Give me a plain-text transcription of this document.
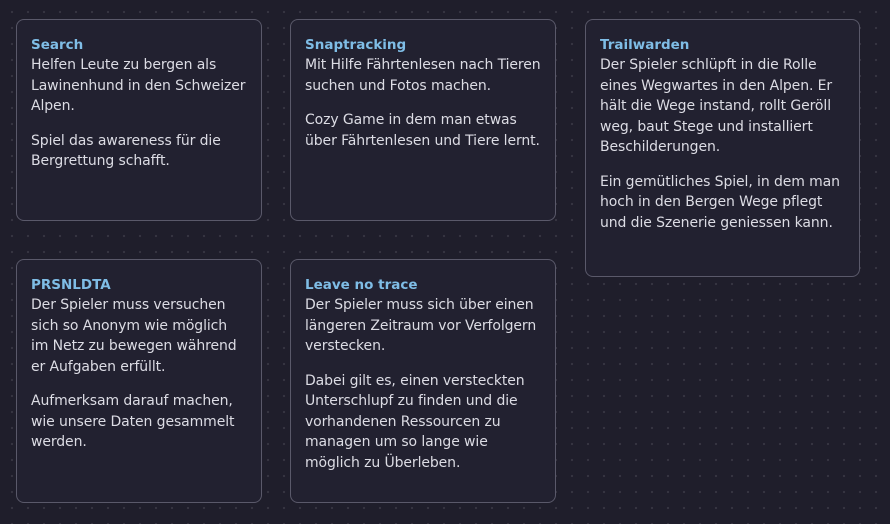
Search

Helfen Leute zu bergen als Lawinenhund in den Schweizer Alpen.

Spiel das awareness für die Bergrettung schafft.

Snaptracking

Mit Hilfe Fährtenlesen nach Tieren suchen und Fotos machen.

Cozy Game in dem man etwas über Fährtenlesen und Tiere lernt.

Trailwarden

Der Spieler schlüpft in die Rolle eines Wegwartes in den Alpen. Er hält die Wege instand, rollt Geröll weg, baut Stege und installiert Beschilderungen.

Ein gemütliches Spiel, in dem man hoch in den Bergen Wege pflegt und die Szenerie geniessen kann.

PRSNLDTA

Der Spieler muss versuchen sich so Anonym wie möglich im Netz zu bewegen während er Aufgaben erfüllt.

Aufmerksam darauf machen, wie unsere Daten gesammelt werden.

Leave no trace

Der Spieler muss sich über einen längeren Zeitraum vor Verfolgern verstecken.

Dabei gilt es, einen versteckten Unterschlupf zu finden und die vorhandenen Ressourcen zu managen um so lange wie möglich zu Überleben.
